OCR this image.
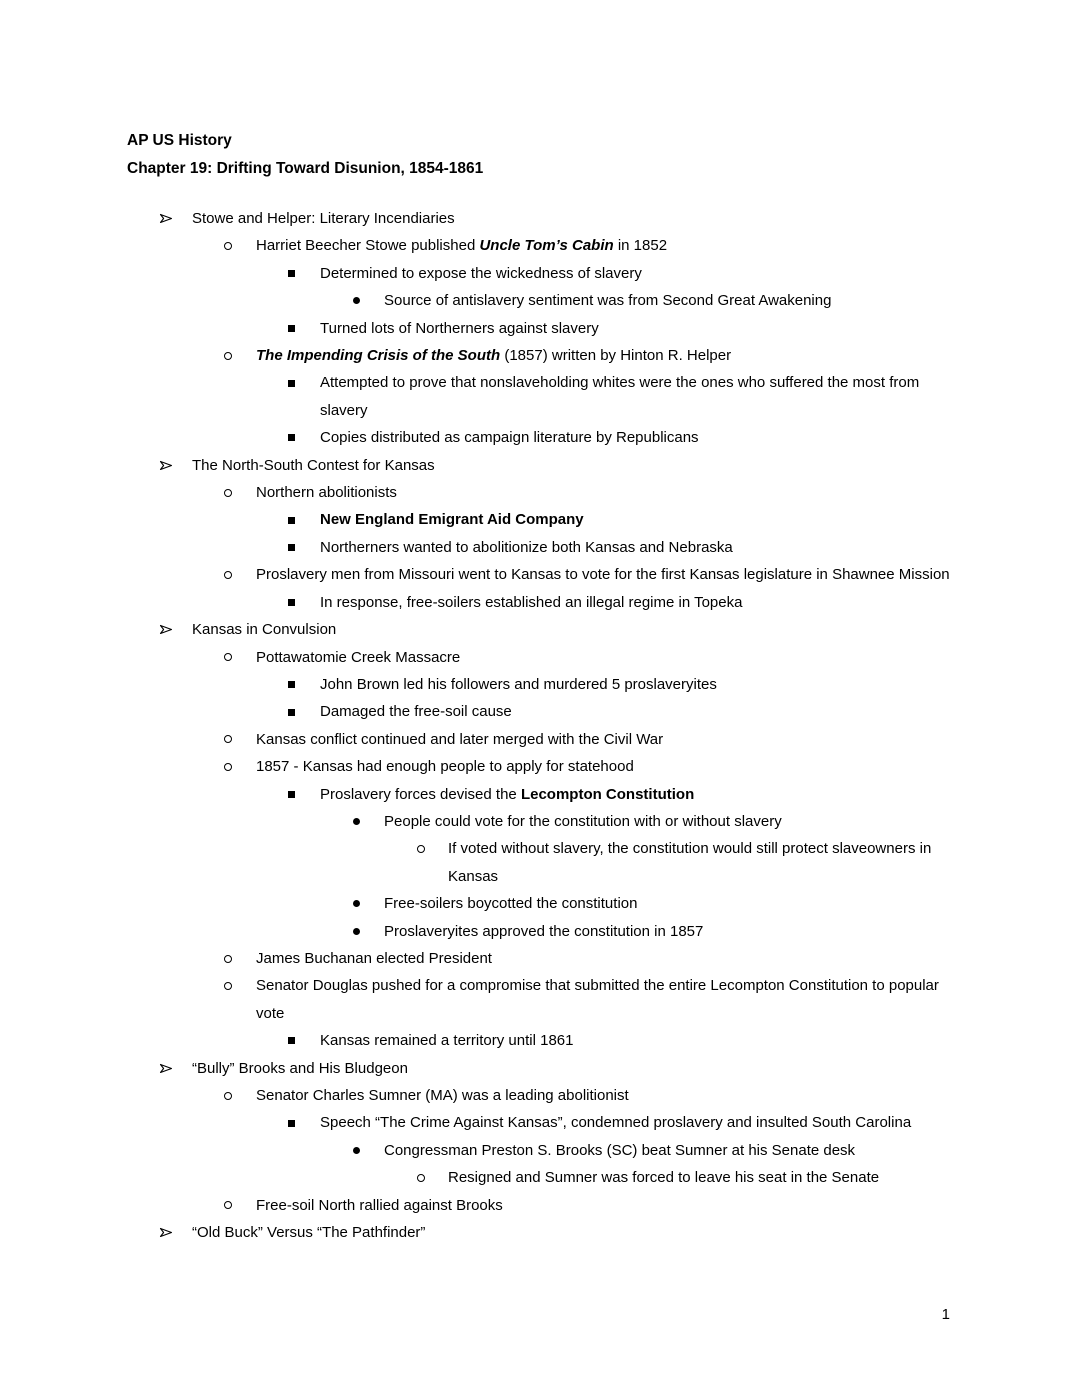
AP US History
Chapter 19: Drifting Toward Disunion, 1854-1861
Stowe and Helper: Literary Incendiaries
Harriet Beecher Stowe published Uncle Tom’s Cabin in 1852
Determined to expose the wickedness of slavery
Source of antislavery sentiment was from Second Great Awakening
Turned lots of Northerners against slavery
The Impending Crisis of the South (1857) written by Hinton R. Helper
Attempted to prove that nonslaveholding whites were the ones who suffered the most from slavery
Copies distributed as campaign literature by Republicans
The North-South Contest for Kansas
Northern abolitionists
New England Emigrant Aid Company
Northerners wanted to abolitionize both Kansas and Nebraska
Proslavery men from Missouri went to Kansas to vote for the first Kansas legislature in Shawnee Mission
In response, free-soilers established an illegal regime in Topeka
Kansas in Convulsion
Pottawatomie Creek Massacre
John Brown led his followers and murdered 5 proslaveryites
Damaged the free-soil cause
Kansas conflict continued and later merged with the Civil War
1857 - Kansas had enough people to apply for statehood
Proslavery forces devised the Lecompton Constitution
People could vote for the constitution with or without slavery
If voted without slavery, the constitution would still protect slaveowners in Kansas
Free-soilers boycotted the constitution
Proslaveryites approved the constitution in 1857
James Buchanan elected President
Senator Douglas pushed for a compromise that submitted the entire Lecompton Constitution to popular vote
Kansas remained a territory until 1861
“Bully” Brooks and His Bludgeon
Senator Charles Sumner (MA) was a leading abolitionist
Speech “The Crime Against Kansas”, condemned proslavery and insulted South Carolina
Congressman Preston S. Brooks (SC) beat Sumner at his Senate desk
Resigned and Sumner was forced to leave his seat in the Senate
Free-soil North rallied against Brooks
“Old Buck” Versus “The Pathfinder”
1
